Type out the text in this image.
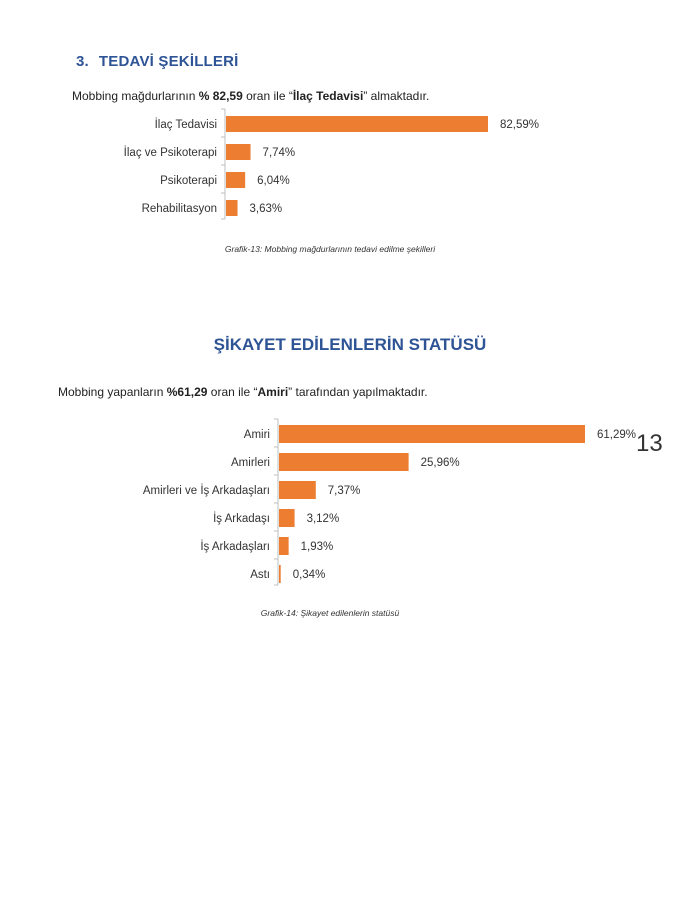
3. TEDAVİ ŞEKİLLERİ

Mobbing mağdurlarının % 82,59 oran ile “İlaç Tedavisi” almaktadır.

İlaç Tedavisi	82,59%
İlaç ve Psikoterapi	7,74%
Psikoterapi	6,04%
Rehabilitasyon	3,63%

Grafik-13: Mobbing mağdurlarının tedavi edilme şekilleri

ŞİKAYET EDİLENLERİN STATÜSÜ

Mobbing yapanların %61,29 oran ile “Amiri” tarafından yapılmaktadır.

Amiri	61,29%
Amirleri	25,96%
Amirleri ve İş Arkadaşları	7,37%
İş Arkadaşı	3,12%
İş Arkadaşları	1,93%
Astı 0,34%

Grafik-14: Şikayet edilenlerin statüsü

13
